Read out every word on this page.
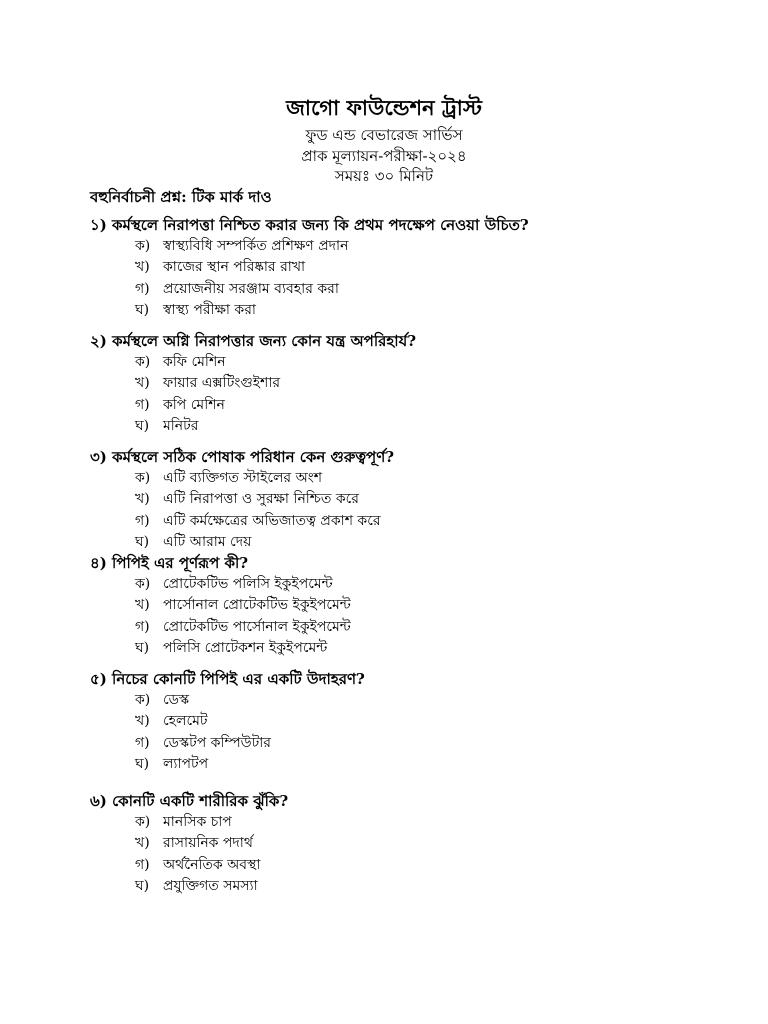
জাগো ফাউন্ডেশন ট্রাস্ট
ফুড এন্ড বেভারেজ সার্ভিস
প্রাক মূল্যায়ন-পরীক্ষা-২০২৪
সময়ঃ ৩০ মিনিট
বহুনির্বাচনী প্রশ্ন: টিক মার্ক দাও
১) কর্মস্থলে নিরাপত্তা নিশ্চিত করার জন্য কি প্রথম পদক্ষেপ নেওয়া উচিত?
ক) স্বাস্থ্যবিধি সম্পর্কিত প্রশিক্ষণ প্রদান
খ) কাজের স্থান পরিষ্কার রাখা
গ) প্রয়োজনীয় সরঞ্জাম ব্যবহার করা
ঘ) স্বাস্থ্য পরীক্ষা করা
২) কর্মস্থলে অগ্নি নিরাপত্তার জন্য কোন যন্ত্র অপরিহার্য?
ক) কফি মেশিন
খ) ফায়ার এক্সটিংগুইশার
গ) কপি মেশিন
ঘ) মনিটর
৩) কর্মস্থলে সঠিক পোষাক পরিধান কেন গুরুত্বপূর্ণ?
ক) এটি ব্যক্তিগত স্টাইলের অংশ
খ) এটি নিরাপত্তা ও সুরক্ষা নিশ্চিত করে
গ) এটি কর্মক্ষেত্রের অভিজাতত্ব প্রকাশ করে
ঘ) এটি আরাম দেয়
৪) পিপিই এর পূর্ণরূপ কী?
ক) প্রোটেকটিভ পলিসি ইকুইপমেন্ট
খ) পার্সোনাল প্রোটেকটিভ ইকুইপমেন্ট
গ) প্রোটেকটিভ পার্সোনাল ইকুইপমেন্ট
ঘ) পলিসি প্রোটেকশন ইকুইপমেন্ট
৫) নিচের কোনটি পিপিই এর একটি উদাহরণ?
ক) ডেস্ক
খ) হেলমেট
গ) ডেস্কটপ কম্পিউটার
ঘ) ল্যাপটপ
৬) কোনটি একটি শারীরিক ঝুঁকি?
ক) মানসিক চাপ
খ) রাসায়নিক পদার্থ
গ) অর্থনৈতিক অবস্থা
ঘ) প্রযুক্তিগত সমস্যা
